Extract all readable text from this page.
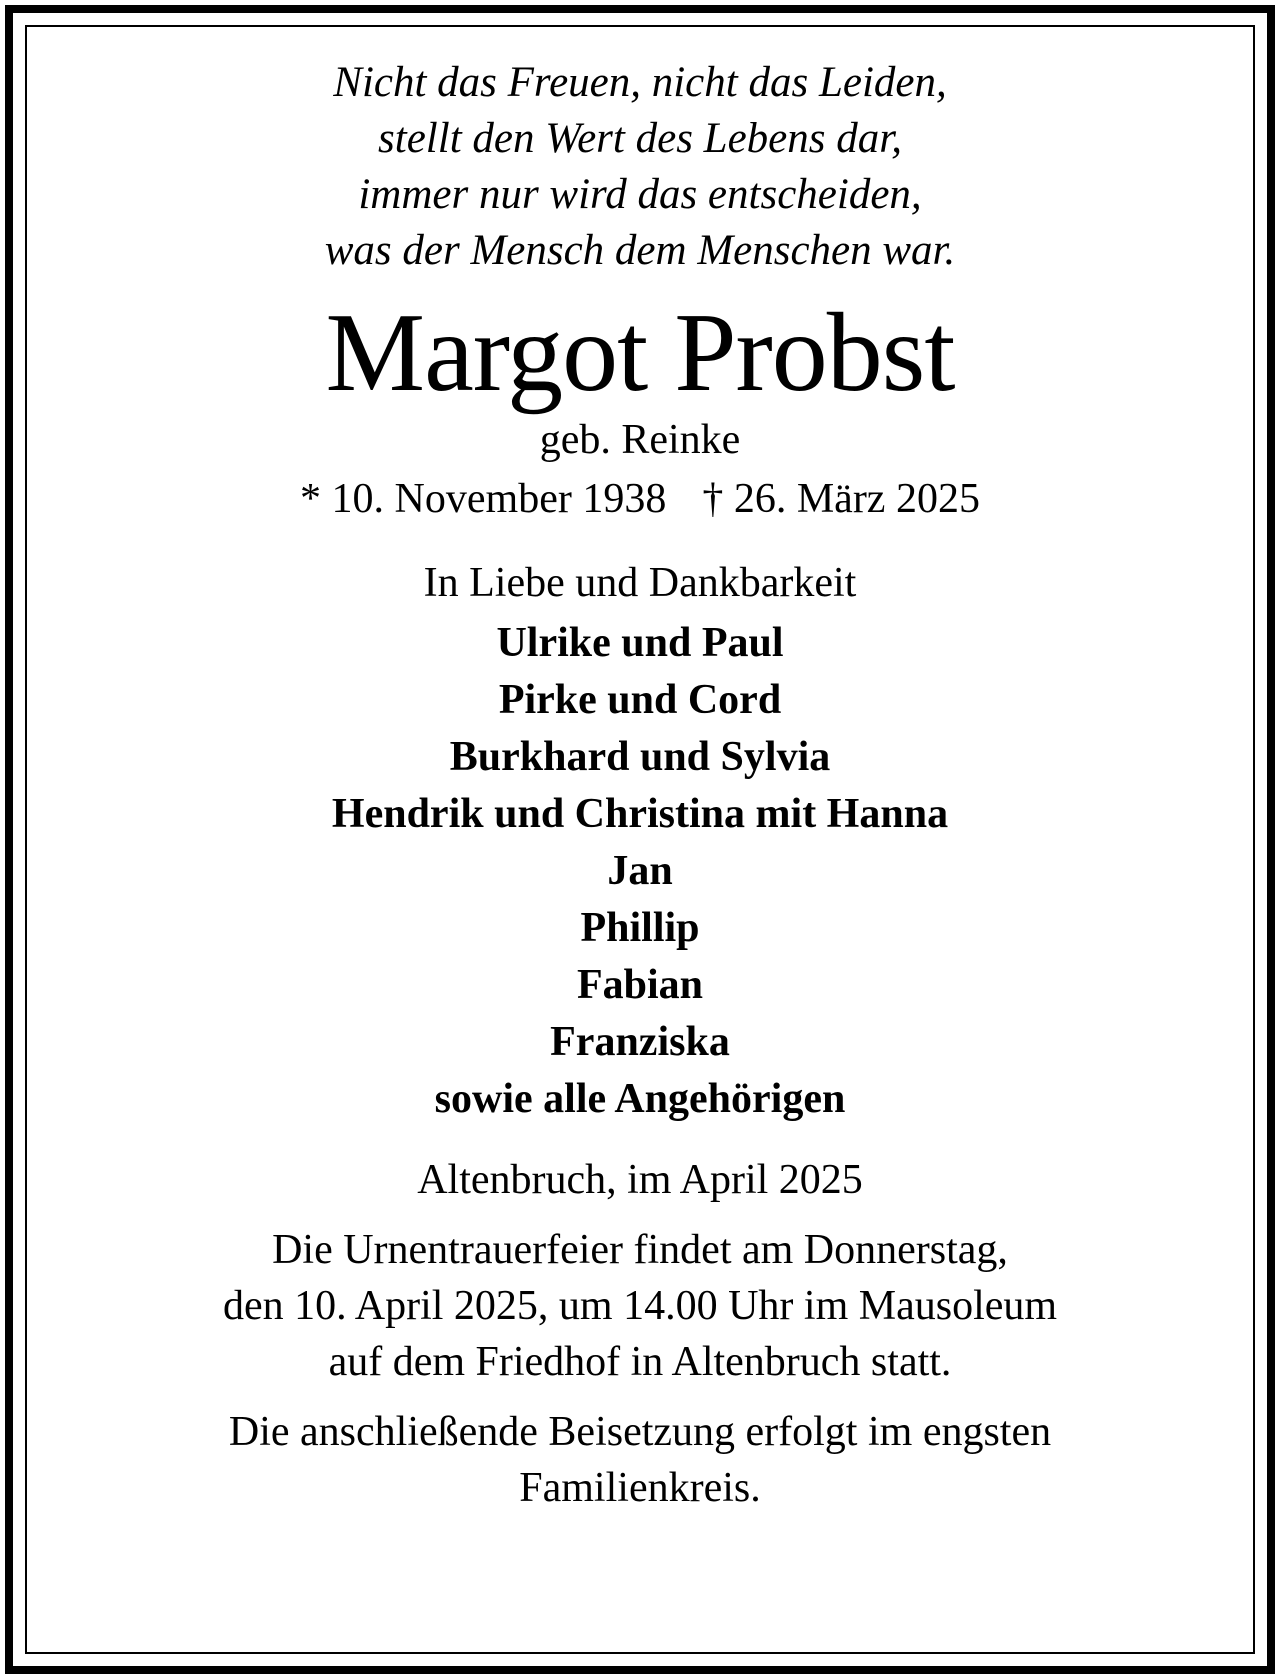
Nicht das Freuen, nicht das Leiden,
stellt den Wert des Lebens dar,
immer nur wird das entscheiden,
was der Mensch dem Menschen war.
Margot Probst
geb. Reinke
* 10. November 1938 † 26. März 2025
In Liebe und Dankbarkeit
Ulrike und Paul
Pirke und Cord
Burkhard und Sylvia
Hendrik und Christina mit Hanna
Jan
Phillip
Fabian
Franziska
sowie alle Angehörigen
Altenbruch, im April 2025
Die Urnentrauerfeier findet am Donnerstag,
den 10. April 2025, um 14.00 Uhr im Mausoleum
auf dem Friedhof in Altenbruch statt.
Die anschließende Beisetzung erfolgt im engsten
Familienkreis.
